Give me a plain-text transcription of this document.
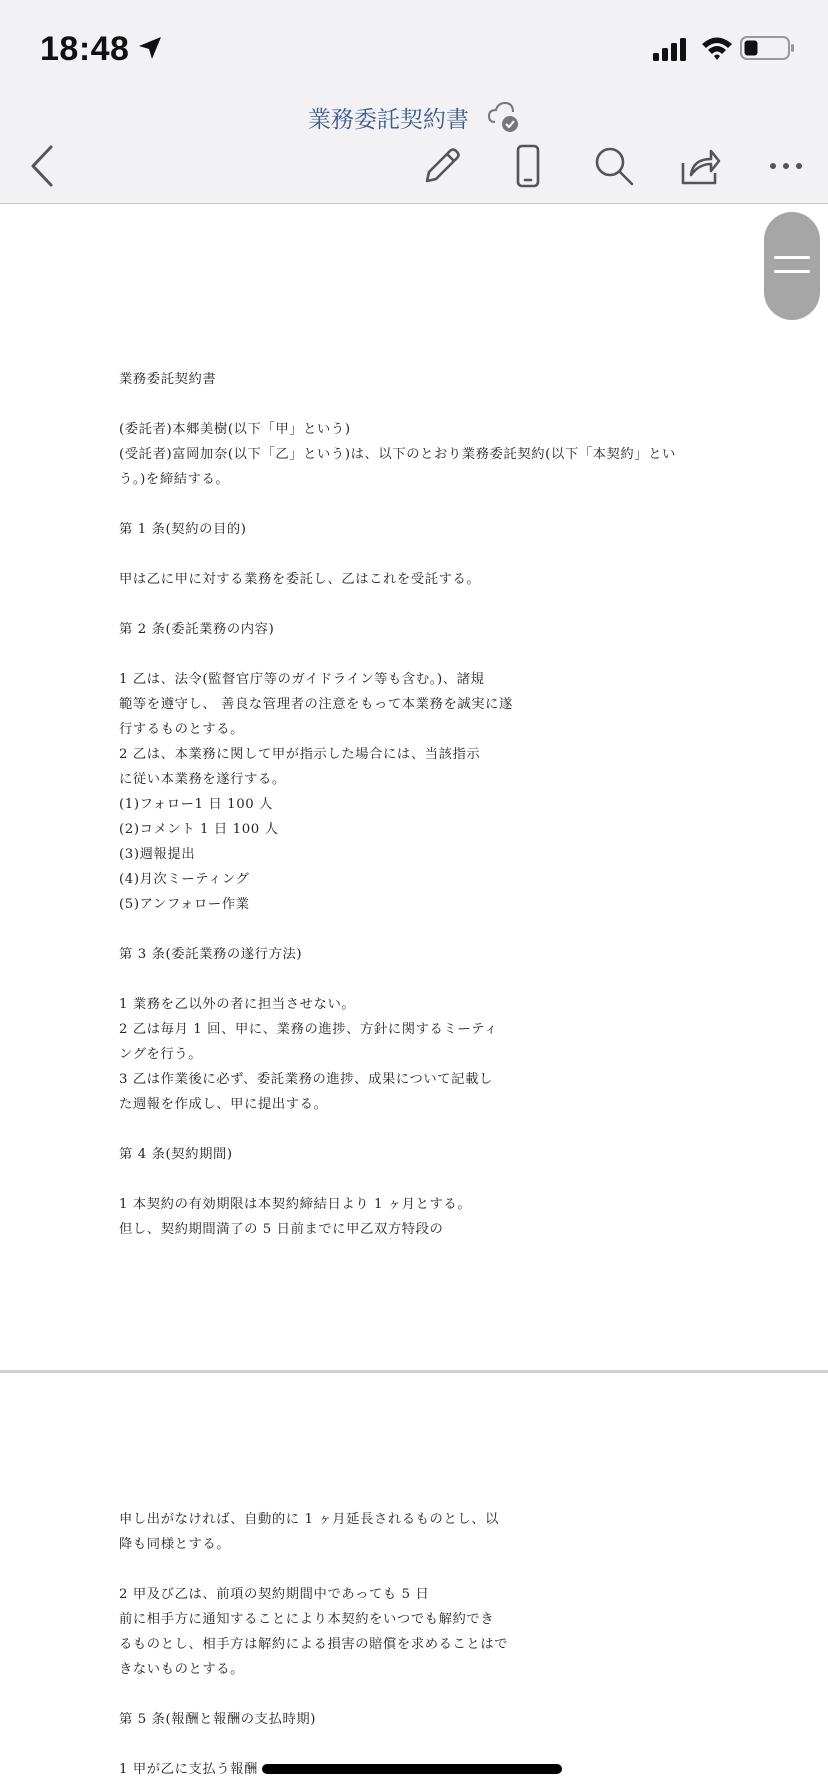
18:48
業務委託契約書
業務委託契約書
(委託者)本郷美樹(以下「甲」という)
(受託者)富岡加奈(以下「乙」という)は、以下のとおり業務委託契約(以下「本契約」とい
う。)を締結する。
第 1 条(契約の目的)
甲は乙に甲に対する業務を委託し、乙はこれを受託する。
第 2 条(委託業務の内容)
1 乙は、法令(監督官庁等のガイドライン等も含む。)、諸規
範等を遵守し、 善良な管理者の注意をもって本業務を誠実に遂
行するものとする。
2 乙は、本業務に関して甲が指示した場合には、当該指示
に従い本業務を遂行する。
(1)フォロー1 日 100 人
(2)コメント 1 日 100 人
(3)週報提出
(4)月次ミーティング
(5)アンフォロー作業
第 3 条(委託業務の遂行方法)
1 業務を乙以外の者に担当させない。
2 乙は毎月 1 回、甲に、業務の進捗、方針に関するミーティ
ングを行う。
3 乙は作業後に必ず、委託業務の進捗、成果について記載し
た週報を作成し、甲に提出する。
第 4 条(契約期間)
1 本契約の有効期限は本契約締結日より 1 ヶ月とする。
但し、契約期間満了の 5 日前までに甲乙双方特段の
申し出がなければ、自動的に 1 ヶ月延長されるものとし、以
降も同様とする。
2 甲及び乙は、前項の契約期間中であっても 5 日
前に相手方に通知することにより本契約をいつでも解約でき
るものとし、相手方は解約による損害の賠償を求めることはで
きないものとする。
第 5 条(報酬と報酬の支払時期)
1 甲が乙に支払う報酬
